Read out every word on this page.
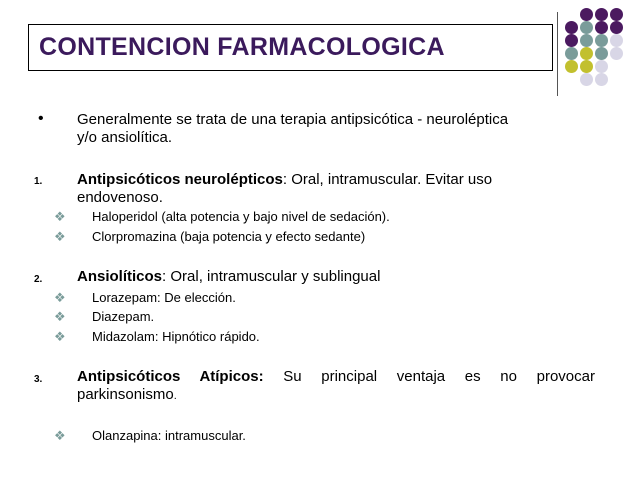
CONTENCION FARMACOLOGICA
• Generalmente se trata de una terapia antipsicótica - neuroléptica
y/o ansiolítica.
1. Antipsicóticos neurolépticos: Oral, intramuscular. Evitar uso
endovenoso.
❖ Haloperidol (alta potencia y bajo nivel de sedación).
❖ Clorpromazina (baja potencia y efecto sedante)
2. Ansiolíticos: Oral, intramuscular y sublingual
❖ Lorazepam: De elección.
❖ Diazepam.
❖ Midazolam: Hipnótico rápido.
3. Antipsicóticos Atípicos: Su principal ventaja es no provocar
parkinsonismo.
❖ Olanzapina: intramuscular.
